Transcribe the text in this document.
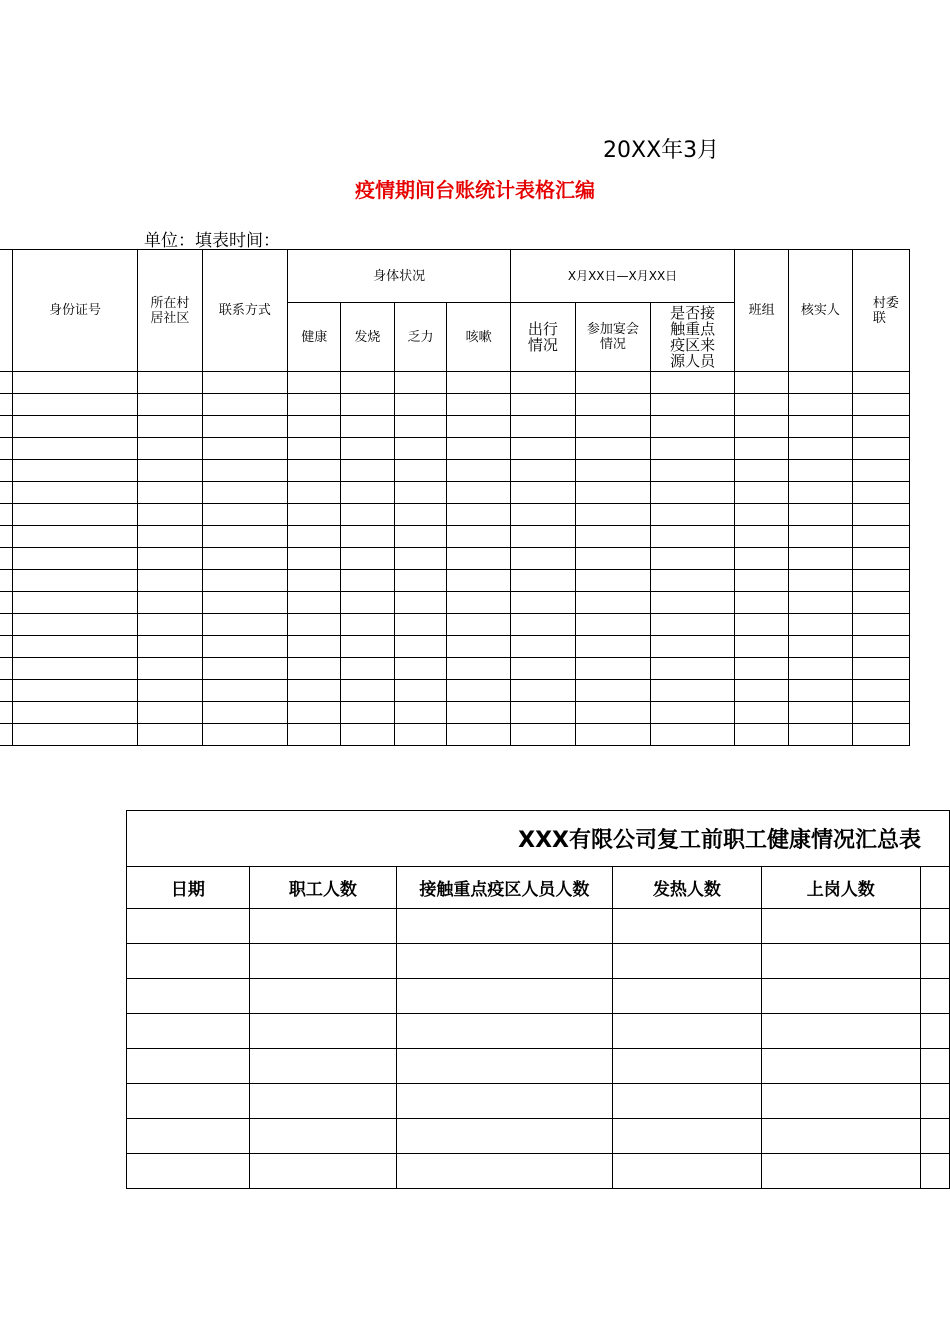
20XX年3月
疫情期间台账统计表格汇编
单位：填表时间：
	身份证号	所在村居社区	联系方式	身体状况				X月XX日—X月XX日			班组	核实人	村委联
				健康	发烧	乏力	咳嗽	出行情况	参加宴会情况	是否接触重点疫区来源人员			

XXX有限公司复工前职工健康情况汇总表					
日期	职工人数	接触重点疫区人员人数	发热人数	上岗人数	
